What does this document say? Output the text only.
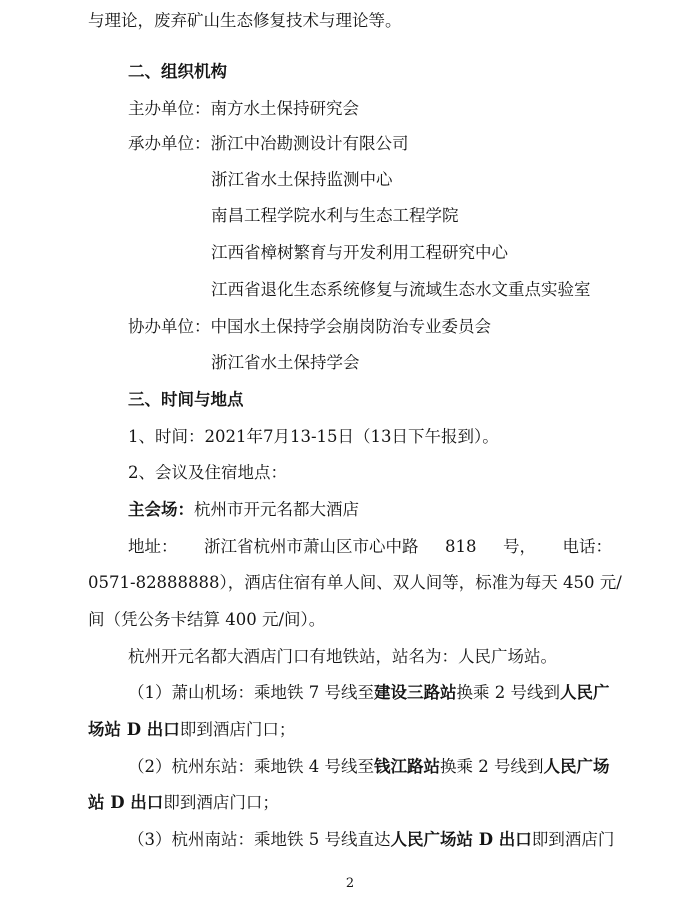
与理论，废弃矿山生态修复技术与理论等。
二、组织机构
主办单位：南方水土保持研究会
承办单位：浙江中冶勘测设计有限公司
浙江省水土保持监测中心
南昌工程学院水利与生态工程学院
江西省樟树繁育与开发利用工程研究中心
江西省退化生态系统修复与流域生态水文重点实验室
协办单位：中国水土保持学会崩岗防治专业委员会
浙江省水土保持学会
三、时间与地点
1、时间：2021年7月13-15日（13日下午报到）。
2、会议及住宿地点：
主会场：杭州市开元名都大酒店
地址： 浙江省杭州市萧山区市心中路 818 号， 电话：
0571-82888888），酒店住宿有单人间、双人间等，标准为每天 450 元/
间（凭公务卡结算 400 元/间）。
杭州开元名都大酒店门口有地铁站，站名为：人民广场站。
（1）萧山机场：乘地铁 7 号线至建设三路站换乘 2 号线到人民广
场站 D 出口即到酒店门口；
（2）杭州东站：乘地铁 4 号线至钱江路站换乘 2 号线到人民广场
站 D 出口即到酒店门口；
（3）杭州南站：乘地铁 5 号线直达人民广场站 D 出口即到酒店门
2
